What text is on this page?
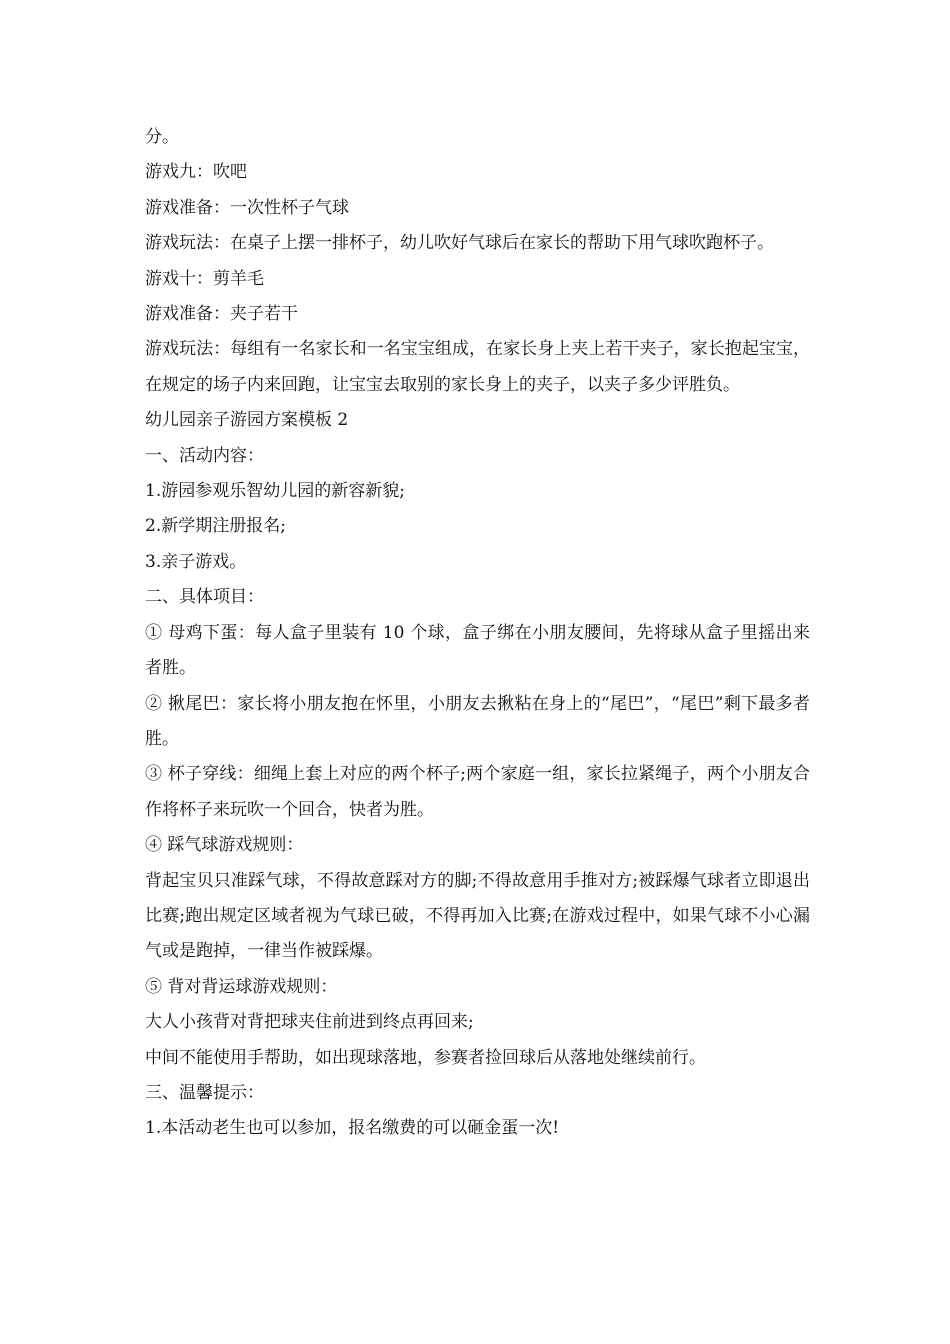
分。

游戏九：吹吧

游戏准备：一次性杯子气球

游戏玩法：在桌子上摆一排杯子，幼儿吹好气球后在家长的帮助下用气球吹跑杯子。

游戏十：剪羊毛

游戏准备：夹子若干

游戏玩法：每组有一名家长和一名宝宝组成，在家长身上夹上若干夹子，家长抱起宝宝，在规定的场子内来回跑，让宝宝去取别的家长身上的夹子，以夹子多少评胜负。

幼儿园亲子游园方案模板 2

一、活动内容：

1.游园参观乐智幼儿园的新容新貌;

2.新学期注册报名;

3.亲子游戏。

二、具体项目：

① 母鸡下蛋：每人盒子里装有 10 个球，盒子绑在小朋友腰间，先将球从盒子里摇出来者胜。

② 揪尾巴：家长将小朋友抱在怀里，小朋友去揪粘在身上的“尾巴”，“尾巴”剩下最多者胜。

③ 杯子穿线：细绳上套上对应的两个杯子;两个家庭一组，家长拉紧绳子，两个小朋友合作将杯子来玩吹一个回合，快者为胜。

④ 踩气球游戏规则：

背起宝贝只准踩气球，不得故意踩对方的脚;不得故意用手推对方;被踩爆气球者立即退出比赛;跑出规定区域者视为气球已破，不得再加入比赛;在游戏过程中，如果气球不小心漏气或是跑掉，一律当作被踩爆。

⑤ 背对背运球游戏规则：

大人小孩背对背把球夹住前进到终点再回来;

中间不能使用手帮助，如出现球落地，参赛者捡回球后从落地处继续前行。

三、温馨提示：

1.本活动老生也可以参加，报名缴费的可以砸金蛋一次!
